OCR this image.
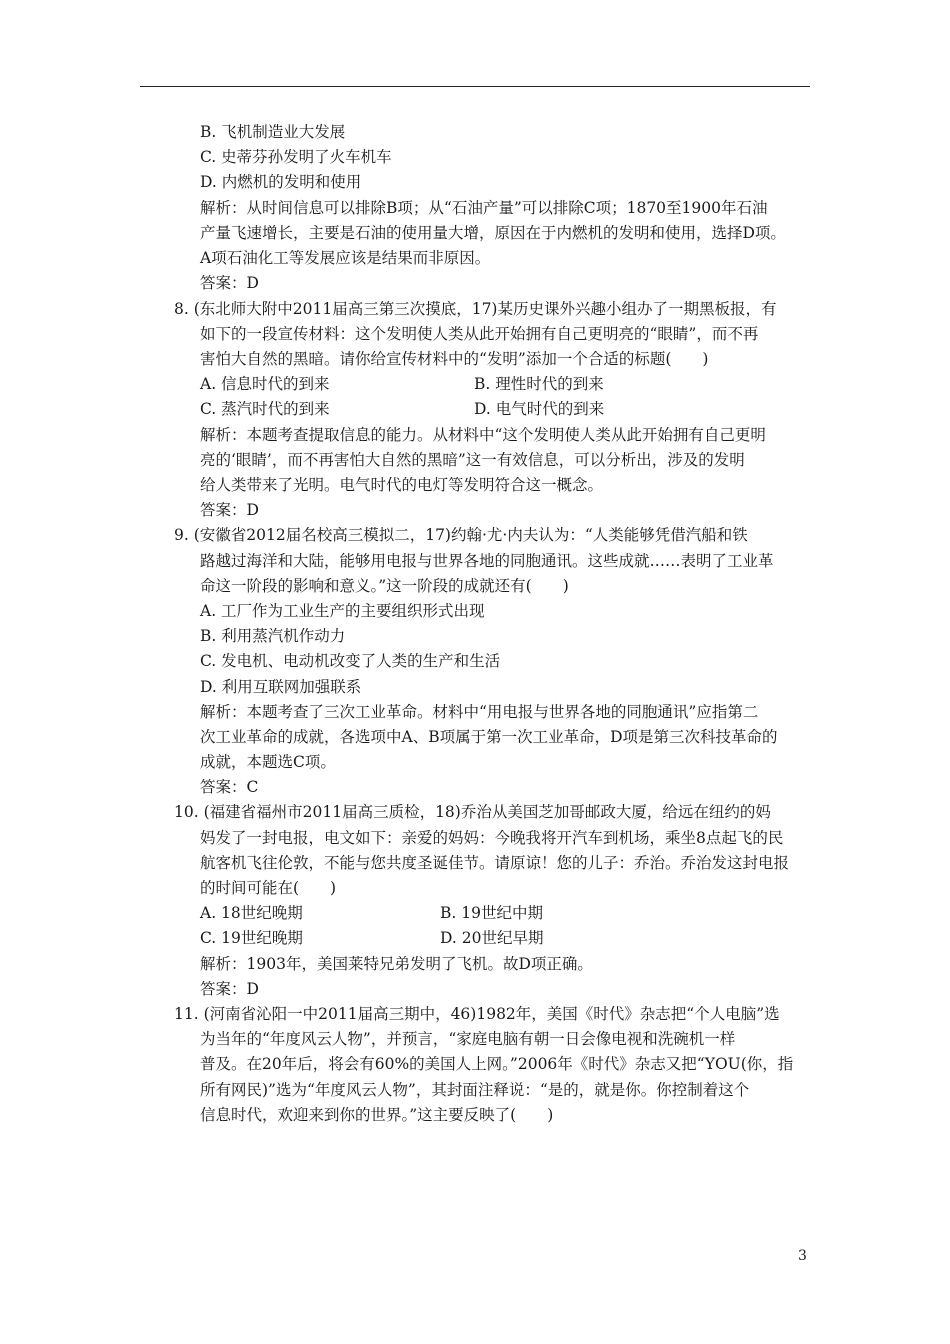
B. 飞机制造业大发展
C. 史蒂芬孙发明了火车机车
D. 内燃机的发明和使用
解析：从时间信息可以排除B项；从“石油产量”可以排除C项；1870至1900年石油
产量飞速增长，主要是石油的使用量大增，原因在于内燃机的发明和使用，选择D项。
A项石油化工等发展应该是结果而非原因。
答案：D
8. (东北师大附中2011届高三第三次摸底，17)某历史课外兴趣小组办了一期黑板报，有
如下的一段宣传材料：这个发明使人类从此开始拥有自己更明亮的“眼睛”，而不再
害怕大自然的黑暗。请你给宣传材料中的“发明”添加一个合适的标题(　　)
A. 信息时代的到来	B. 理性时代的到来
C. 蒸汽时代的到来	D. 电气时代的到来
解析：本题考查提取信息的能力。从材料中“这个发明使人类从此开始拥有自己更明
亮的‘眼睛’，而不再害怕大自然的黑暗”这一有效信息，可以分析出，涉及的发明
给人类带来了光明。电气时代的电灯等发明符合这一概念。
答案：D
9. (安徽省2012届名校高三模拟二，17)约翰·尤·内夫认为：“人类能够凭借汽船和铁
路越过海洋和大陆，能够用电报与世界各地的同胞通讯。这些成就……表明了工业革
命这一阶段的影响和意义。”这一阶段的成就还有(　　)
A. 工厂作为工业生产的主要组织形式出现
B. 利用蒸汽机作动力
C. 发电机、电动机改变了人类的生产和生活
D. 利用互联网加强联系
解析：本题考查了三次工业革命。材料中“用电报与世界各地的同胞通讯”应指第二
次工业革命的成就，各选项中A、B项属于第一次工业革命，D项是第三次科技革命的
成就，本题选C项。
答案：C
10. (福建省福州市2011届高三质检，18)乔治从美国芝加哥邮政大厦，给远在纽约的妈
妈发了一封电报，电文如下：亲爱的妈妈：今晚我将开汽车到机场，乘坐8点起飞的民
航客机飞往伦敦，不能与您共度圣诞佳节。请原谅！您的儿子：乔治。乔治发这封电报
的时间可能在(　　)
A. 18世纪晚期	B. 19世纪中期
C. 19世纪晚期	D. 20世纪早期
解析：1903年，美国莱特兄弟发明了飞机。故D项正确。
答案：D
11. (河南省沁阳一中2011届高三期中，46)1982年，美国《时代》杂志把“个人电脑”选
为当年的“年度风云人物”，并预言，“家庭电脑有朝一日会像电视和洗碗机一样
普及。在20年后，将会有60%的美国人上网。”2006年《时代》杂志又把“YOU(你，指
所有网民)”选为“年度风云人物”，其封面注释说：“是的，就是你。你控制着这个
信息时代，欢迎来到你的世界。”这主要反映了(　　)
3
